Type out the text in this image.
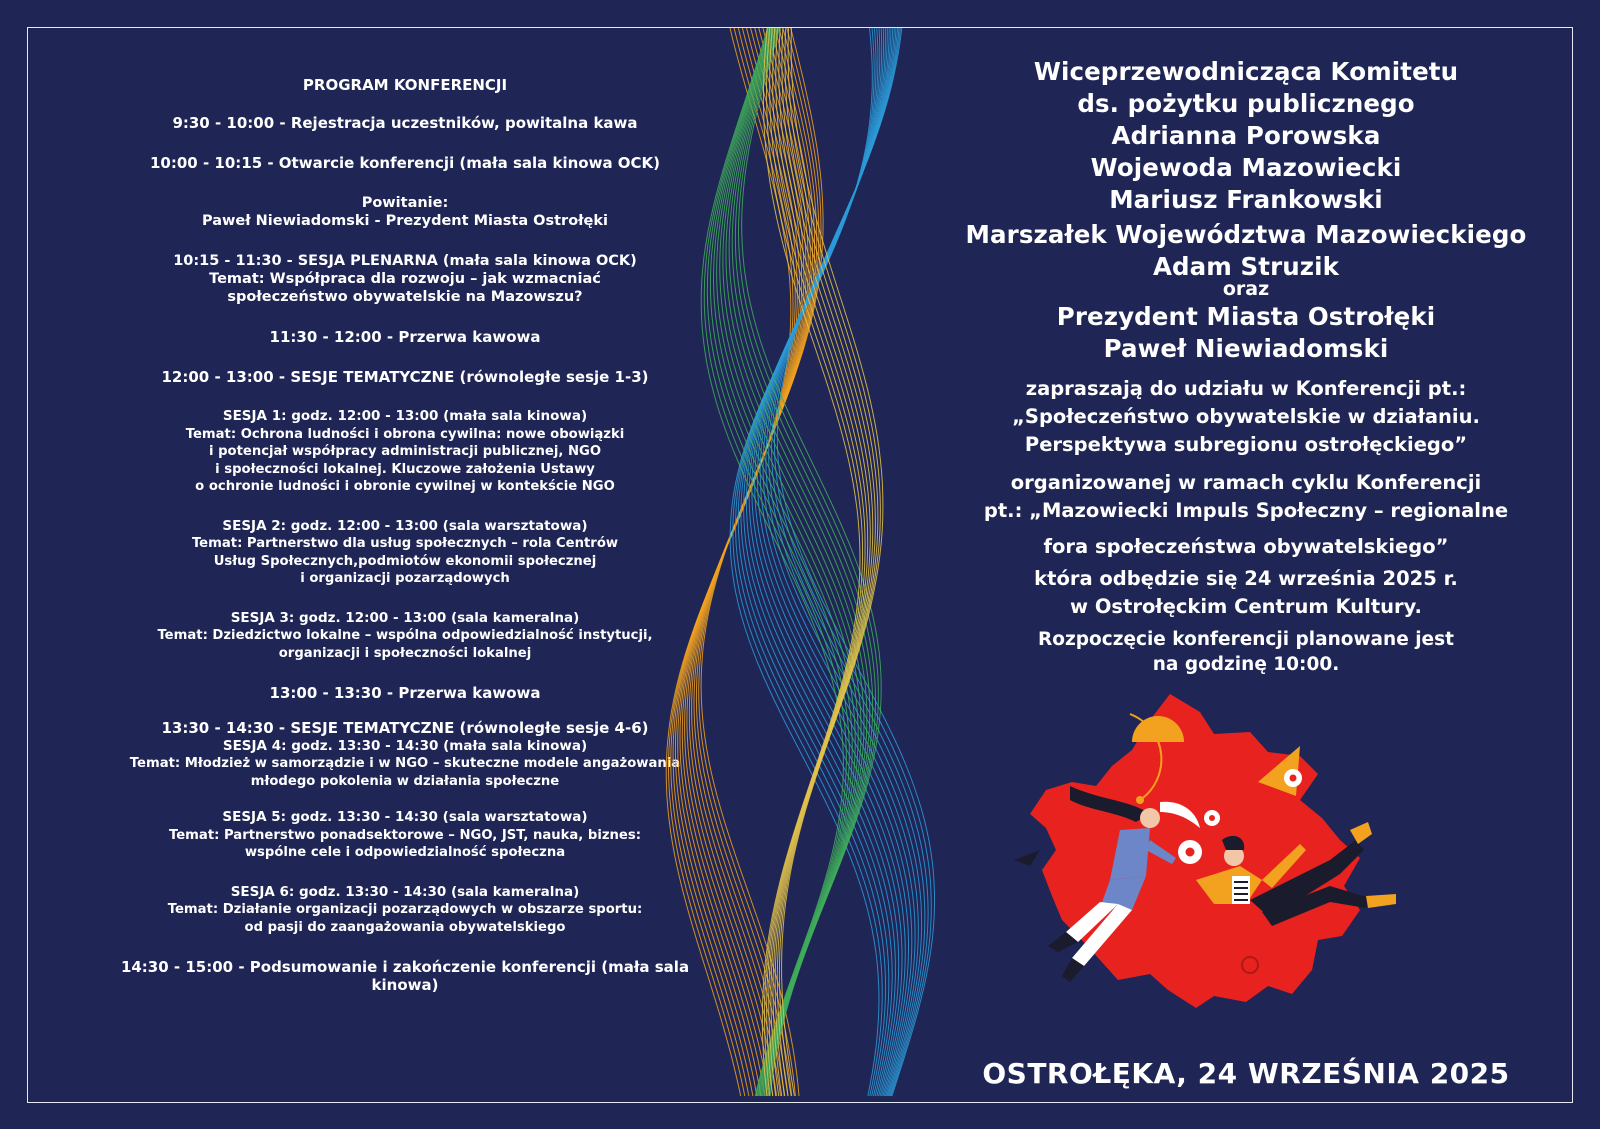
PROGRAM KONFERENCJI
9:30 - 10:00 - Rejestracja uczestników, powitalna kawa
10:00 - 10:15 - Otwarcie konferencji (mała sala kinowa OCK)
Powitanie:
Paweł Niewiadomski - Prezydent Miasta Ostrołęki
10:15 - 11:30 - SESJA PLENARNA (mała sala kinowa OCK)
Temat: Współpraca dla rozwoju – jak wzmacniać
społeczeństwo obywatelskie na Mazowszu?
11:30 - 12:00 - Przerwa kawowa
12:00 - 13:00 - SESJE TEMATYCZNE (równoległe sesje 1-3)
SESJA 1: godz. 12:00 - 13:00 (mała sala kinowa)
Temat: Ochrona ludności i obrona cywilna: nowe obowiązki
i potencjał współpracy administracji publicznej, NGO
i społeczności lokalnej. Kluczowe założenia Ustawy
o ochronie ludności i obronie cywilnej w kontekście NGO
SESJA 2: godz. 12:00 - 13:00 (sala warsztatowa)
Temat: Partnerstwo dla usług społecznych – rola Centrów
Usług Społecznych,podmiotów ekonomii społecznej
i organizacji pozarządowych
SESJA 3: godz. 12:00 - 13:00 (sala kameralna)
Temat: Dziedzictwo lokalne – wspólna odpowiedzialność instytucji,
organizacji i społeczności lokalnej
13:00 - 13:30 - Przerwa kawowa
13:30 - 14:30 - SESJE TEMATYCZNE (równoległe sesje 4-6)
SESJA 4: godz. 13:30 - 14:30 (mała sala kinowa)
Temat: Młodzież w samorządzie i w NGO – skuteczne modele angażowania
młodego pokolenia w działania społeczne
SESJA 5: godz. 13:30 - 14:30 (sala warsztatowa)
Temat: Partnerstwo ponadsektorowe – NGO, JST, nauka, biznes:
wspólne cele i odpowiedzialność społeczna
SESJA 6: godz. 13:30 - 14:30 (sala kameralna)
Temat: Działanie organizacji pozarządowych w obszarze sportu:
od pasji do zaangażowania obywatelskiego
14:30 - 15:00 - Podsumowanie i zakończenie konferencji (mała sala kinowa)
Wiceprzewodnicząca Komitetu
ds. pożytku publicznego
Adrianna Porowska
Wojewoda Mazowiecki
Mariusz Frankowski
Marszałek Województwa Mazowieckiego
Adam Struzik
oraz
Prezydent Miasta Ostrołęki
Paweł Niewiadomski
zapraszają do udziału w Konferencji pt.:
„Społeczeństwo obywatelskie w działaniu.
Perspektywa subregionu ostrołęckiego”
organizowanej w ramach cyklu Konferencji
pt.: „Mazowiecki Impuls Społeczny – regionalne
fora społeczeństwa obywatelskiego”
która odbędzie się 24 września 2025 r.
w Ostrołęckim Centrum Kultury.
Rozpoczęcie konferencji planowane jest
na godzinę 10:00.
OSTROŁĘKA, 24 WRZEŚNIA 2025
